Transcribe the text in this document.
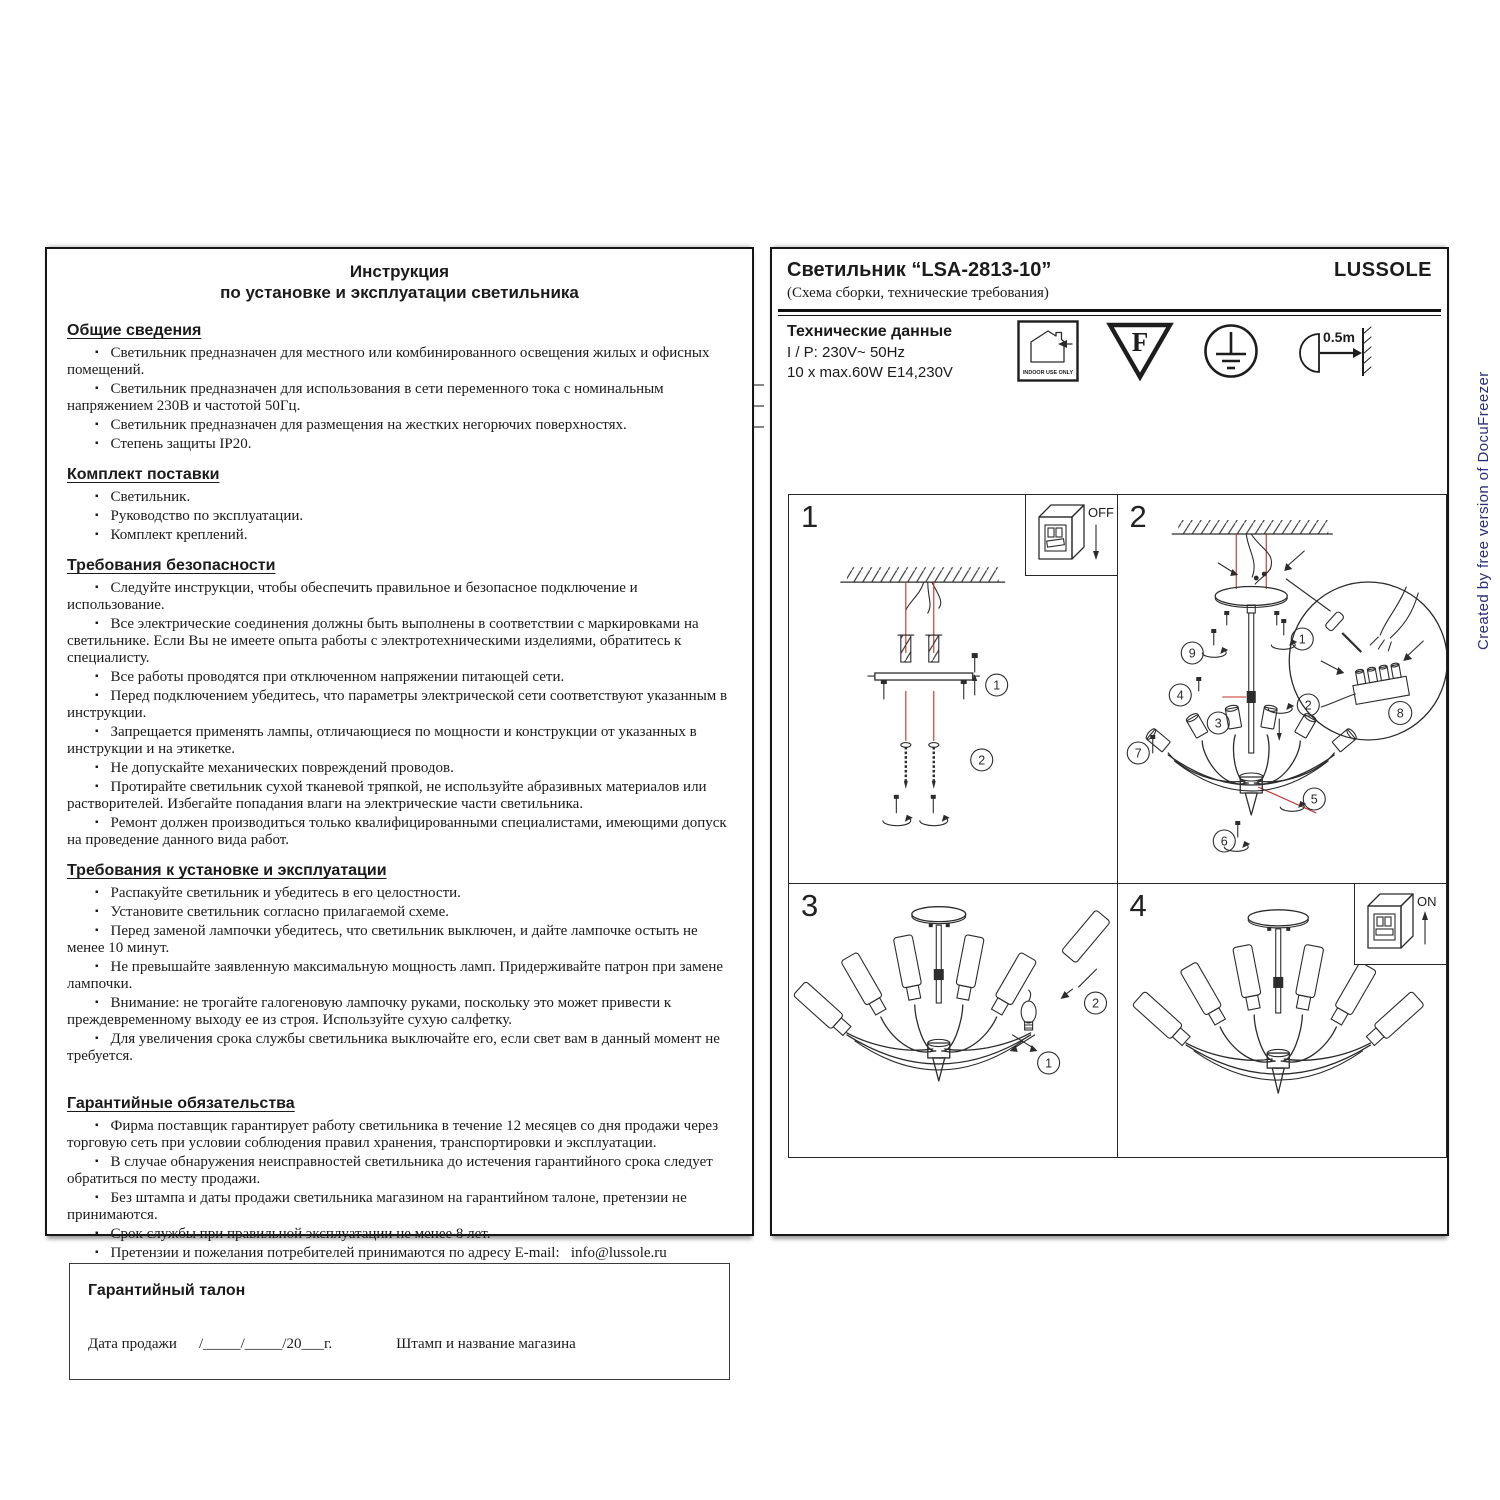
Created by free version of DocuFreezer
Инструкция
по установке и эксплуатации светильника
Общие сведения
▪ Светильник предназначен для местного или комбинированного освещения жилых и офисных помещений.
▪ Светильник предназначен для использования в сети переменного тока с номинальным напряжением 230В и частотой 50Гц.
▪ Светильник предназначен для размещения на жестких негорючих поверхностях.
▪ Степень защиты IP20.
Комплект поставки
▪ Светильник.
▪ Руководство по эксплуатации.
▪ Комплект креплений.
Требования безопасности
▪ Следуйте инструкции, чтобы обеспечить правильное и безопасное подключение и использование.
▪ Все электрические соединения должны быть выполнены в соответствии с маркировками на светильнике. Если Вы не имеете опыта работы с электротехническими изделиями, обратитесь к специалисту.
▪ Все работы проводятся при отключенном напряжении питающей сети.
▪ Перед подключением убедитесь, что параметры электрической сети соответствуют указанным в инструкции.
▪ Запрещается применять лампы, отличающиеся по мощности и конструкции от указанных в инструкции и на этикетке.
▪ Не допускайте механических повреждений проводов.
▪ Протирайте светильник сухой тканевой тряпкой, не используйте абразивных материалов или растворителей. Избегайте попадания влаги на электрические части светильника.
▪ Ремонт должен производиться только квалифицированными специалистами, имеющими допуск на проведение данного вида работ.
Требования к установке и эксплуатации
▪ Распакуйте светильник и убедитесь в его целостности.
▪ Установите светильник согласно прилагаемой схеме.
▪ Перед заменой лампочки убедитесь, что светильник выключен, и дайте лампочке остыть не менее 10 минут.
▪ Не превышайте заявленную максимальную мощность ламп. Придерживайте патрон при замене лампочки.
▪ Внимание: не трогайте галогеновую лампочку руками, поскольку это может привести к преждевременному выходу ее из строя. Используйте сухую салфетку.
▪ Для увеличения срока службы светильника выключайте его, если свет вам в данный момент не требуется.
Гарантийные обязательства
▪ Фирма поставщик гарантирует работу светильника в течение 12 месяцев со дня продажи через торговую сеть при условии соблюдения правил хранения, транспортировки и эксплуатации.
▪ В случае обнаружения неисправностей светильника до истечения гарантийного срока следует обратиться по месту продажи.
▪ Без штампа и даты продажи светильника магазином на гарантийном талоне, претензии не принимаются.
▪ Срок службы при правильной эксплуатации не менее 8 лет.
▪ Претензии и пожелания потребителей принимаются по адресу E-mail:   info@lussole.ru
Гарантийный талон
Дата продажи /_____/_____/20___г.	Штамп и название магазина
Светильник “LSA-2813-10”	LUSSOLE
(Схема сборки, технические требования)
Технические данные
I / P: 230V~ 50Hz
10 x max.60W E14,230V	INDOOR USE ONLY
F	0.5m
1
1
2
OFF 2
8
9
1
4
2
3
7
5
6
3
2
1
4	ON
